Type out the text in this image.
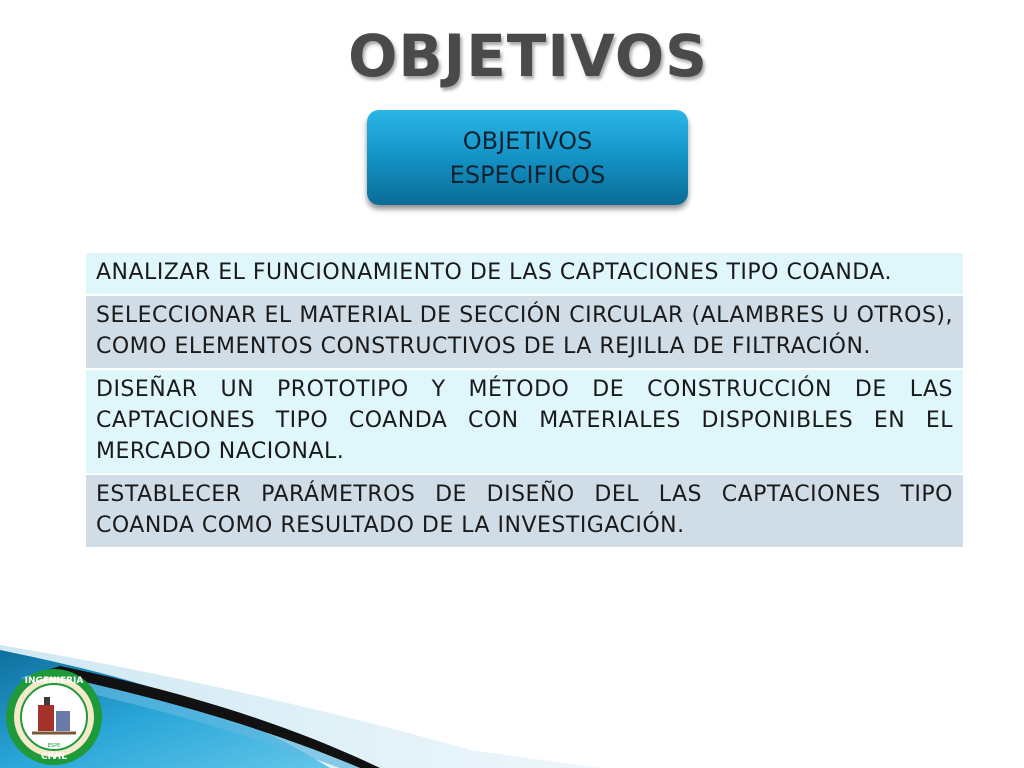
OBJETIVOS
OBJETIVOS
ESPECIFICOS
ANALIZAR EL FUNCIONAMIENTO DE LAS CAPTACIONES TIPO COANDA.
SELECCIONAR EL MATERIAL DE SECCIÓN CIRCULAR (ALAMBRES U OTROS), COMO ELEMENTOS CONSTRUCTIVOS DE LA REJILLA DE FILTRACIÓN.
DISEÑAR UN PROTOTIPO Y MÉTODO DE CONSTRUCCIÓN DE LAS CAPTACIONES TIPO COANDA CON MATERIALES DISPONIBLES EN EL MERCADO NACIONAL.
ESTABLECER PARÁMETROS DE DISEÑO DEL LAS CAPTACIONES TIPO COANDA COMO RESULTADO DE LA INVESTIGACIÓN.
INGENIERIA
CIVIL
ESPE
